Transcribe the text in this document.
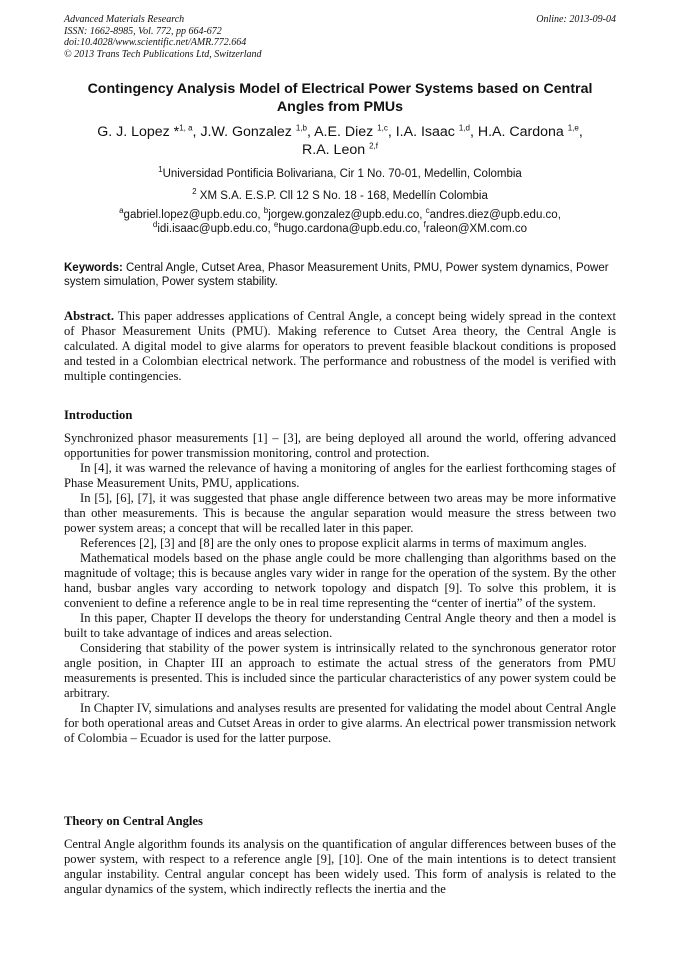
Advanced Materials Research
ISSN: 1662-8985, Vol. 772, pp 664-672
doi:10.4028/www.scientific.net/AMR.772.664
© 2013 Trans Tech Publications Ltd, Switzerland
Online: 2013-09-04
Contingency Analysis Model of Electrical Power Systems based on Central Angles from PMUs
G. J. Lopez *$^{1, a}$, J.W. Gonzalez $^{1,b}$, A.E. Diez $^{1,c}$, I.A. Isaac $^{1,d}$, H.A. Cardona $^{1,e}$,
R.A. Leon $^{2,f}$
$^1$Universidad Pontificia Bolivariana, Cir 1 No. 70-01, Medellin, Colombia
$^2$ XM S.A. E.S.P. Cll 12 S No. 18 - 168, Medellín Colombia
$^a$gabriel.lopez@upb.edu.co, $^b$jorgew.gonzalez@upb.edu.co, $^c$andres.diez@upb.edu.co,
$^d$idi.isaac@upb.edu.co, $^e$hugo.cardona@upb.edu.co, $^f$raleon@XM.com.co
Keywords: Central Angle, Cutset Area, Phasor Measurement Units, PMU, Power system dynamics, Power system simulation, Power system stability.
Abstract. This paper addresses applications of Central Angle, a concept being widely spread in the context of Phasor Measurement Units (PMU). Making reference to Cutset Area theory, the Central Angle is calculated. A digital model to give alarms for operators to prevent feasible blackout conditions is proposed and tested in a Colombian electrical network. The performance and robustness of the model is verified with multiple contingencies.
Introduction

Synchronized phasor measurements [1] – [3], are being deployed all around the world, offering advanced opportunities for power transmission monitoring, control and protection.

In [4], it was warned the relevance of having a monitoring of angles for the earliest forthcoming stages of Phase Measurement Units, PMU, applications.

In [5], [6], [7], it was suggested that phase angle difference between two areas may be more informative than other measurements. This is because the angular separation would measure the stress between two power system areas; a concept that will be recalled later in this paper.

References [2], [3] and [8] are the only ones to propose explicit alarms in terms of maximum angles.

Mathematical models based on the phase angle could be more challenging than algorithms based on the magnitude of voltage; this is because angles vary wider in range for the operation of the system. By the other hand, busbar angles vary according to network topology and dispatch [9]. To solve this problem, it is convenient to define a reference angle to be in real time representing the “center of inertia” of the system.

In this paper, Chapter II develops the theory for understanding Central Angle theory and then a model is built to take advantage of indices and areas selection.

Considering that stability of the power system is intrinsically related to the synchronous generator rotor angle position, in Chapter III an approach to estimate the actual stress of the generators from PMU measurements is presented. This is included since the particular characteristics of any power system could be arbitrary.

In Chapter IV, simulations and analyses results are presented for validating the model about Central Angle for both operational areas and Cutset Areas in order to give alarms. An electrical power transmission network of Colombia – Ecuador is used for the latter purpose.

Theory on Central Angles

Central Angle algorithm founds its analysis on the quantification of angular differences between buses of the power system, with respect to a reference angle [9], [10]. One of the main intentions is to detect transient angular instability. Central angular concept has been widely used. This form of analysis is related to the angular dynamics of the system, which indirectly reflects the inertia and the
